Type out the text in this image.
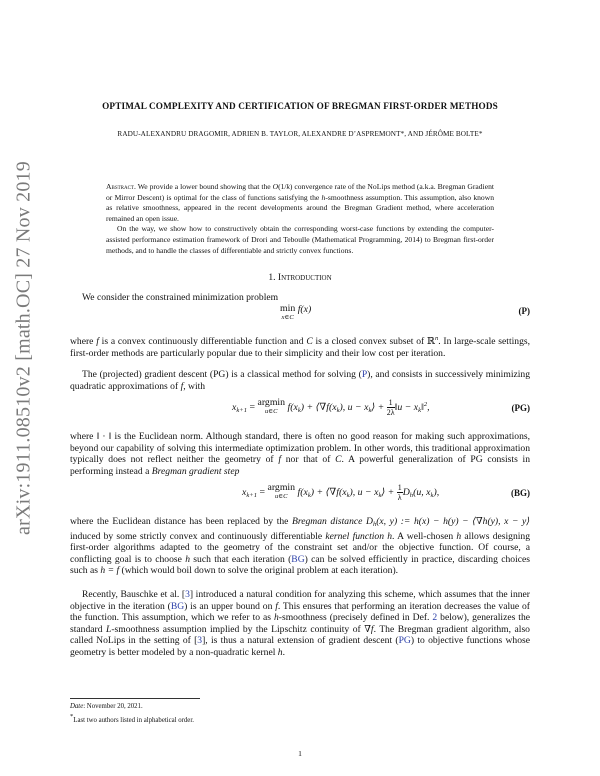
arXiv:1911.08510v2 [math.OC] 27 Nov 2019
OPTIMAL COMPLEXITY AND CERTIFICATION OF BREGMAN FIRST-ORDER METHODS
RADU-ALEXANDRU DRAGOMIR, ADRIEN B. TAYLOR, ALEXANDRE D’ASPREMONT*, AND JÉRÔME BOLTE*

Abstract. We provide a lower bound showing that the O(1/k) convergence rate of the NoLips method (a.k.a. Bregman Gradient or Mirror Descent) is optimal for the class of functions satisfying the h-smoothness assumption. This assumption, also known as relative smoothness, appeared in the recent developments around the Bregman Gradient method, where acceleration remained an open issue.

On the way, we show how to constructively obtain the corresponding worst-case functions by extending the computer-assisted performance estimation framework of Drori and Teboulle (Mathematical Programming, 2014) to Bregman first-order methods, and to handle the classes of differentiable and strictly convex functions.

1. Introduction

We consider the constrained minimization problem

min
x∈C
f(x)	(P)

where f is a convex continuously differentiable function and C is a closed convex subset of ℝ$^n$. In large-scale settings, first-order methods are particularly popular due to their simplicity and their low cost per iteration.

The (projected) gradient descent (PG) is a classical method for solving (P), and consists in successively minimizing quadratic approximations of f, with

$x_{k+1} = argmin$
u∈C	$f(x_k)$ + $⟨\nabla f(x_k)$, $u - x_k⟩ + \frac{1}{2\lambda}$ ‖u − $x_k‖^2$,	(PG)

where ‖ · ‖ is the Euclidean norm. Although standard, there is often no good reason for making such approximations, beyond our capability of solving this intermediate optimization problem. In other words, this traditional approximation typically does not reflect neither the geometry of f nor that of C. A powerful generalization of PG consists in performing instead a Bregman gradient step

$x_{k+1} = argmin$
u∈C	$f(x_k)$ + $⟨\nabla f(x_k)$, $u - x_k⟩ + \frac{1}{\lambda} D_h(u$, $x_k$),	(BG)

where the Euclidean distance has been replaced by the Bregman distance $D_h(x$, y) := h(x) − h(y) − ⟨∇h(y), x − y⟩ induced by some strictly convex and continuously differentiable kernel function h. A well-chosen h allows designing first-order algorithms adapted to the geometry of the constraint set and/or the objective function. Of course, a conflicting goal is to choose h such that each iteration (BG) can be solved efficiently in practice, discarding choices such as h = f (which would boil down to solve the original problem at each iteration).

Recently, Bauschke et al. [3] introduced a natural condition for analyzing this scheme, which assumes that the inner objective in the iteration (BG) is an upper bound on f. This ensures that performing an iteration decreases the value of the function. This assumption, which we refer to as h-smoothness (precisely defined in Def. 2 below), generalizes the standard L-smoothness assumption implied by the Lipschitz continuity of ∇f. The Bregman gradient algorithm, also called NoLips in the setting of [3], is thus a natural extension of gradient descent (PG) to objective functions whose geometry is better modeled by a non-quadratic kernel h.

Date: November 20, 2021.
*Last two authors listed in alphabetical order.
1
